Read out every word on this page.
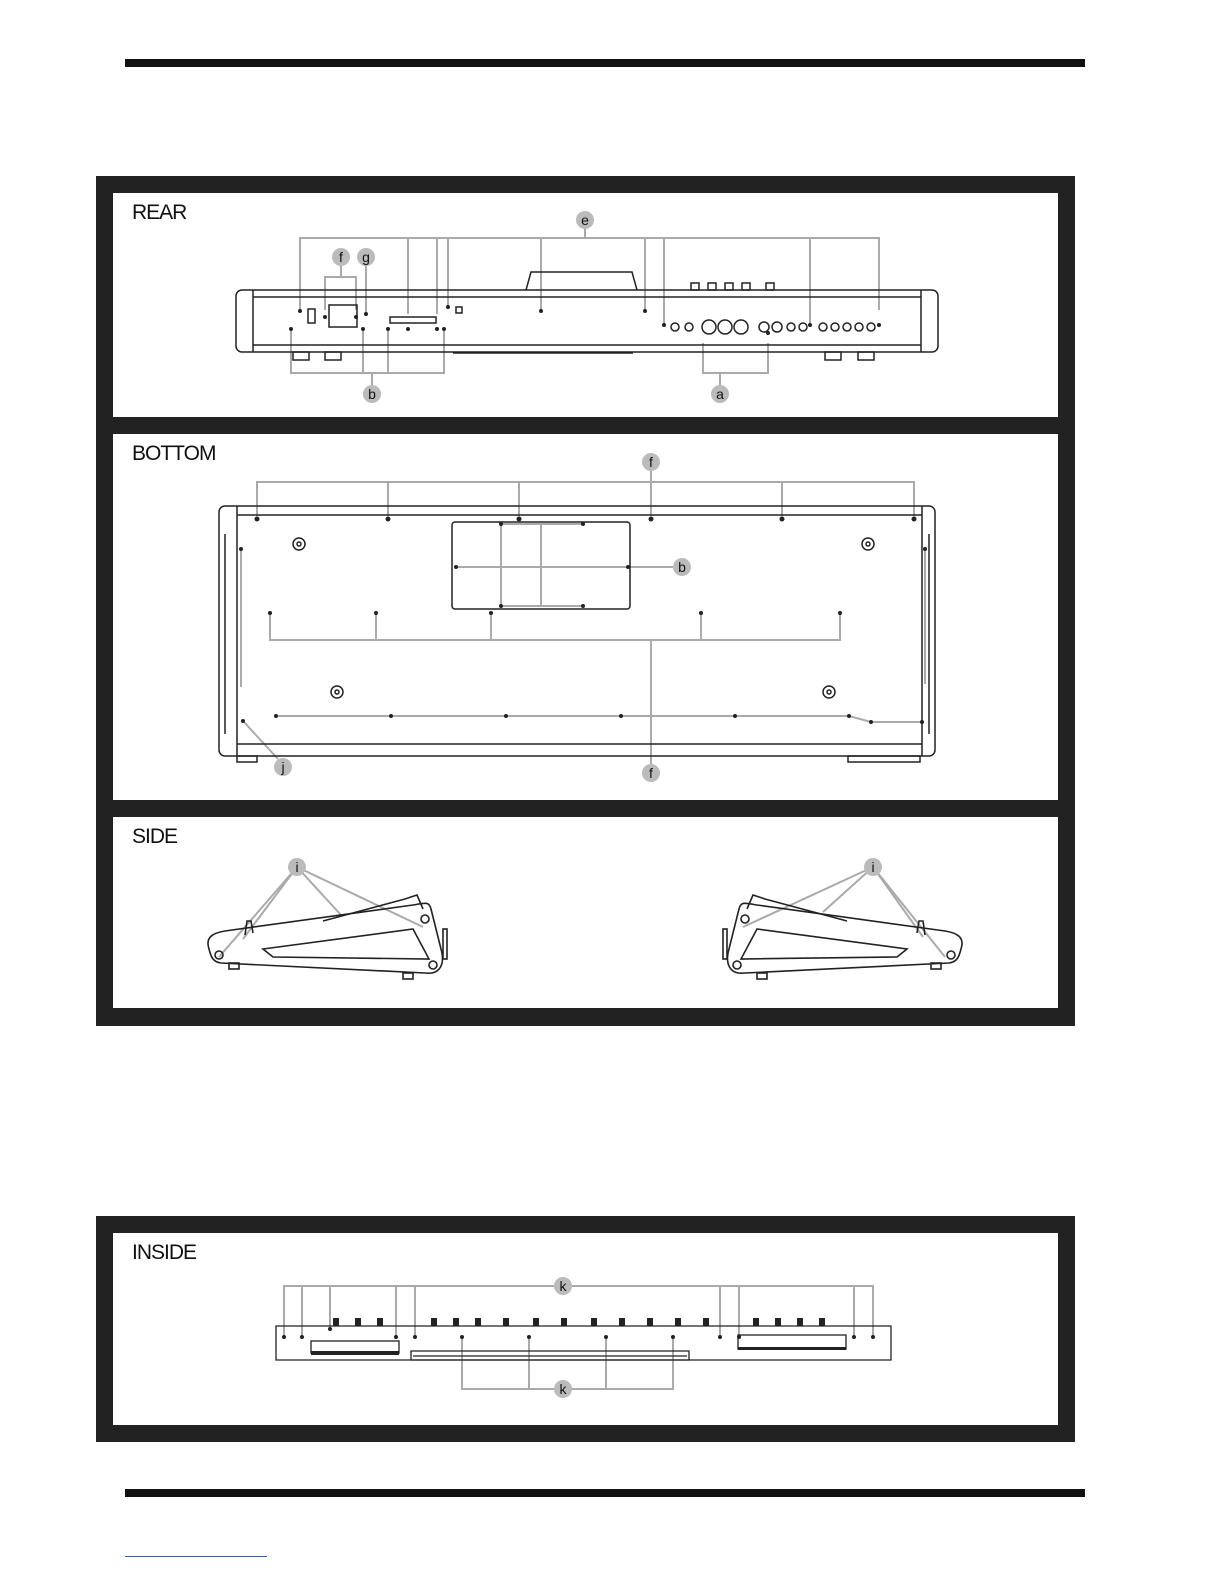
REAR	e
f g
b	a
BOTTOM	f
b
j	f
SIDE
i	i
INSIDE
k
k
